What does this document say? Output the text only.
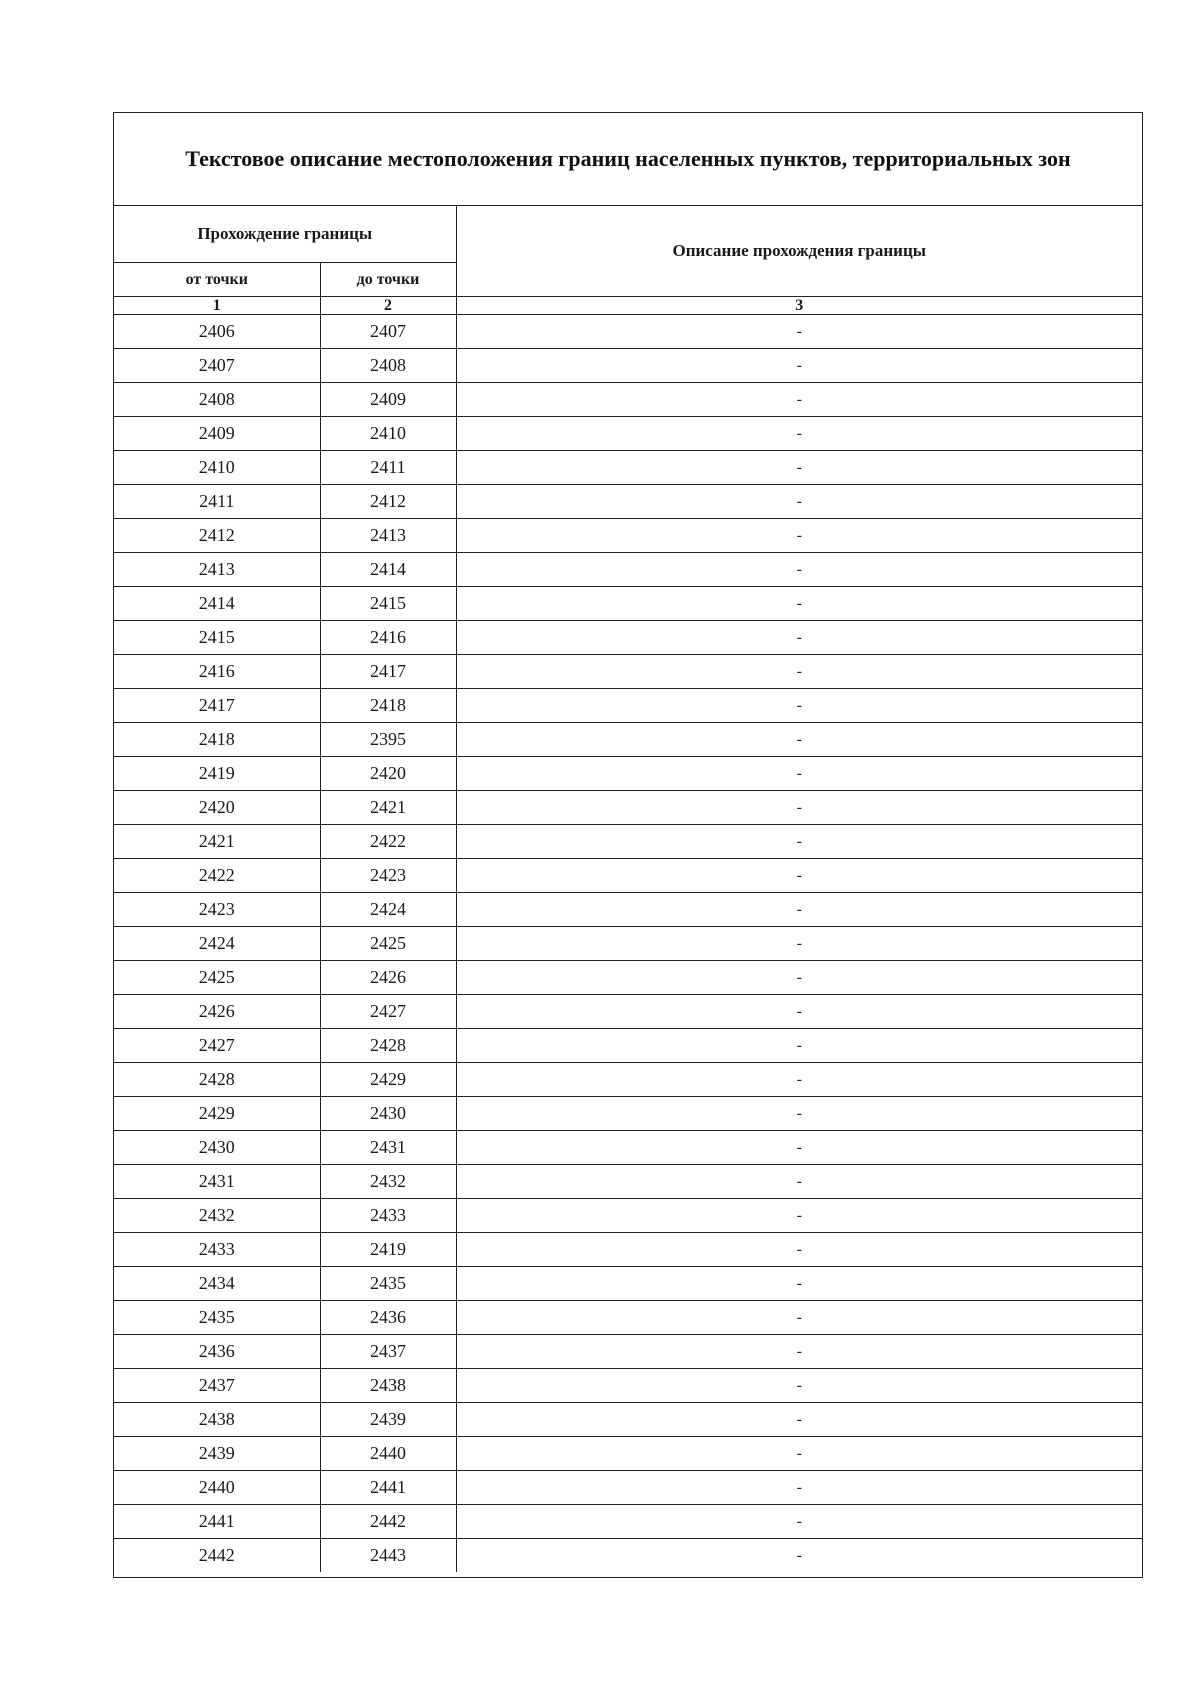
Текстовое описание местоположения границ населенных пунктов, территориальных зон
Прохождение границы		Описание прохождения границы
от точки	до точки	
1	2	3
2406	2407	-
2407	2408	-
2408	2409	-
2409	2410	-
2410	2411	-
2411	2412	-
2412	2413	-
2413	2414	-
2414	2415	-
2415	2416	-
2416	2417	-
2417	2418	-
2418	2395	-
2419	2420	-
2420	2421	-
2421	2422	-
2422	2423	-
2423	2424	-
2424	2425	-
2425	2426	-
2426	2427	-
2427	2428	-
2428	2429	-
2429	2430	-
2430	2431	-
2431	2432	-
2432	2433	-
2433	2419	-
2434	2435	-
2435	2436	-
2436	2437	-
2437	2438	-
2438	2439	-
2439	2440	-
2440	2441	-
2441	2442	-
2442	2443	-
